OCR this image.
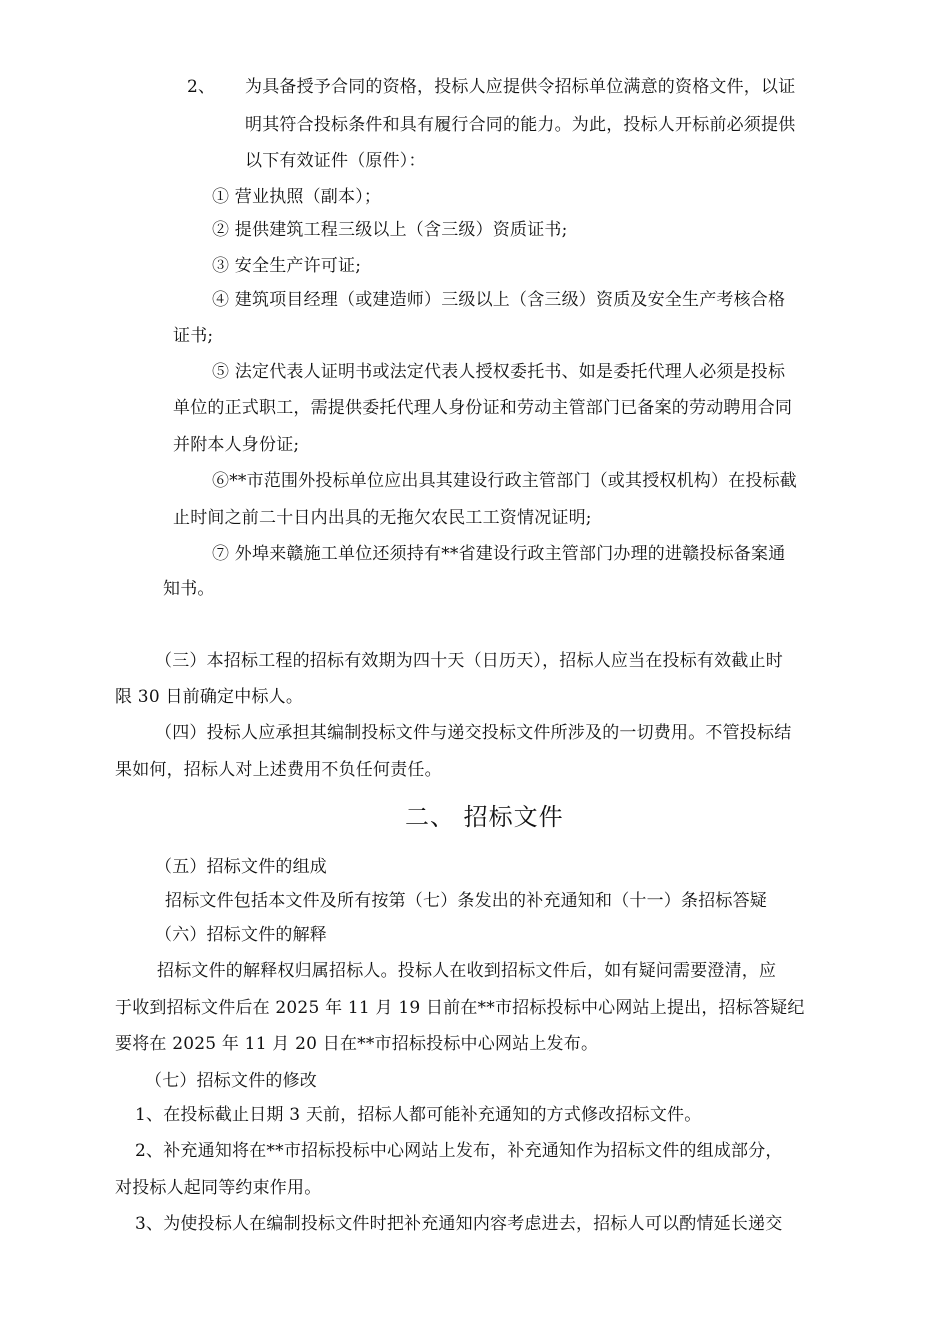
2、 为具备授予合同的资格，投标人应提供令招标单位满意的资格文件，以证
明其符合投标条件和具有履行合同的能力。为此，投标人开标前必须提供
以下有效证件（原件）：
① 营业执照（副本）；
② 提供建筑工程三级以上（含三级）资质证书;
③ 安全生产许可证;
④ 建筑项目经理（或建造师）三级以上（含三级）资质及安全生产考核合格
证书;
⑤ 法定代表人证明书或法定代表人授权委托书、如是委托代理人必须是投标
单位的正式职工，需提供委托代理人身份证和劳动主管部门已备案的劳动聘用合同
并附本人身份证;
⑥**市范围外投标单位应出具其建设行政主管部门（或其授权机构）在投标截
止时间之前二十日内出具的无拖欠农民工工资情况证明;
⑦ 外埠来赣施工单位还须持有**省建设行政主管部门办理的进赣投标备案通
知书。
（三）本招标工程的招标有效期为四十天（日历天），招标人应当在投标有效截止时
限 30 日前确定中标人。
（四）投标人应承担其编制投标文件与递交投标文件所涉及的一切费用。不管投标结
果如何，招标人对上述费用不负任何责任。
二、 招标文件
（五）招标文件的组成
招标文件包括本文件及所有按第（七）条发出的补充通知和（十一）条招标答疑
（六）招标文件的解释
招标文件的解释权归属招标人。投标人在收到招标文件后，如有疑问需要澄清，应
于收到招标文件后在 2025 年 11 月 19 日前在**市招标投标中心网站上提出，招标答疑纪
要将在 2025 年 11 月 20 日在**市招标投标中心网站上发布。
（七）招标文件的修改
1、在投标截止日期 3 天前，招标人都可能补充通知的方式修改招标文件。
2、补充通知将在**市招标投标中心网站上发布，补充通知作为招标文件的组成部分，
对投标人起同等约束作用。
3、为使投标人在编制投标文件时把补充通知内容考虑进去，招标人可以酌情延长递交
